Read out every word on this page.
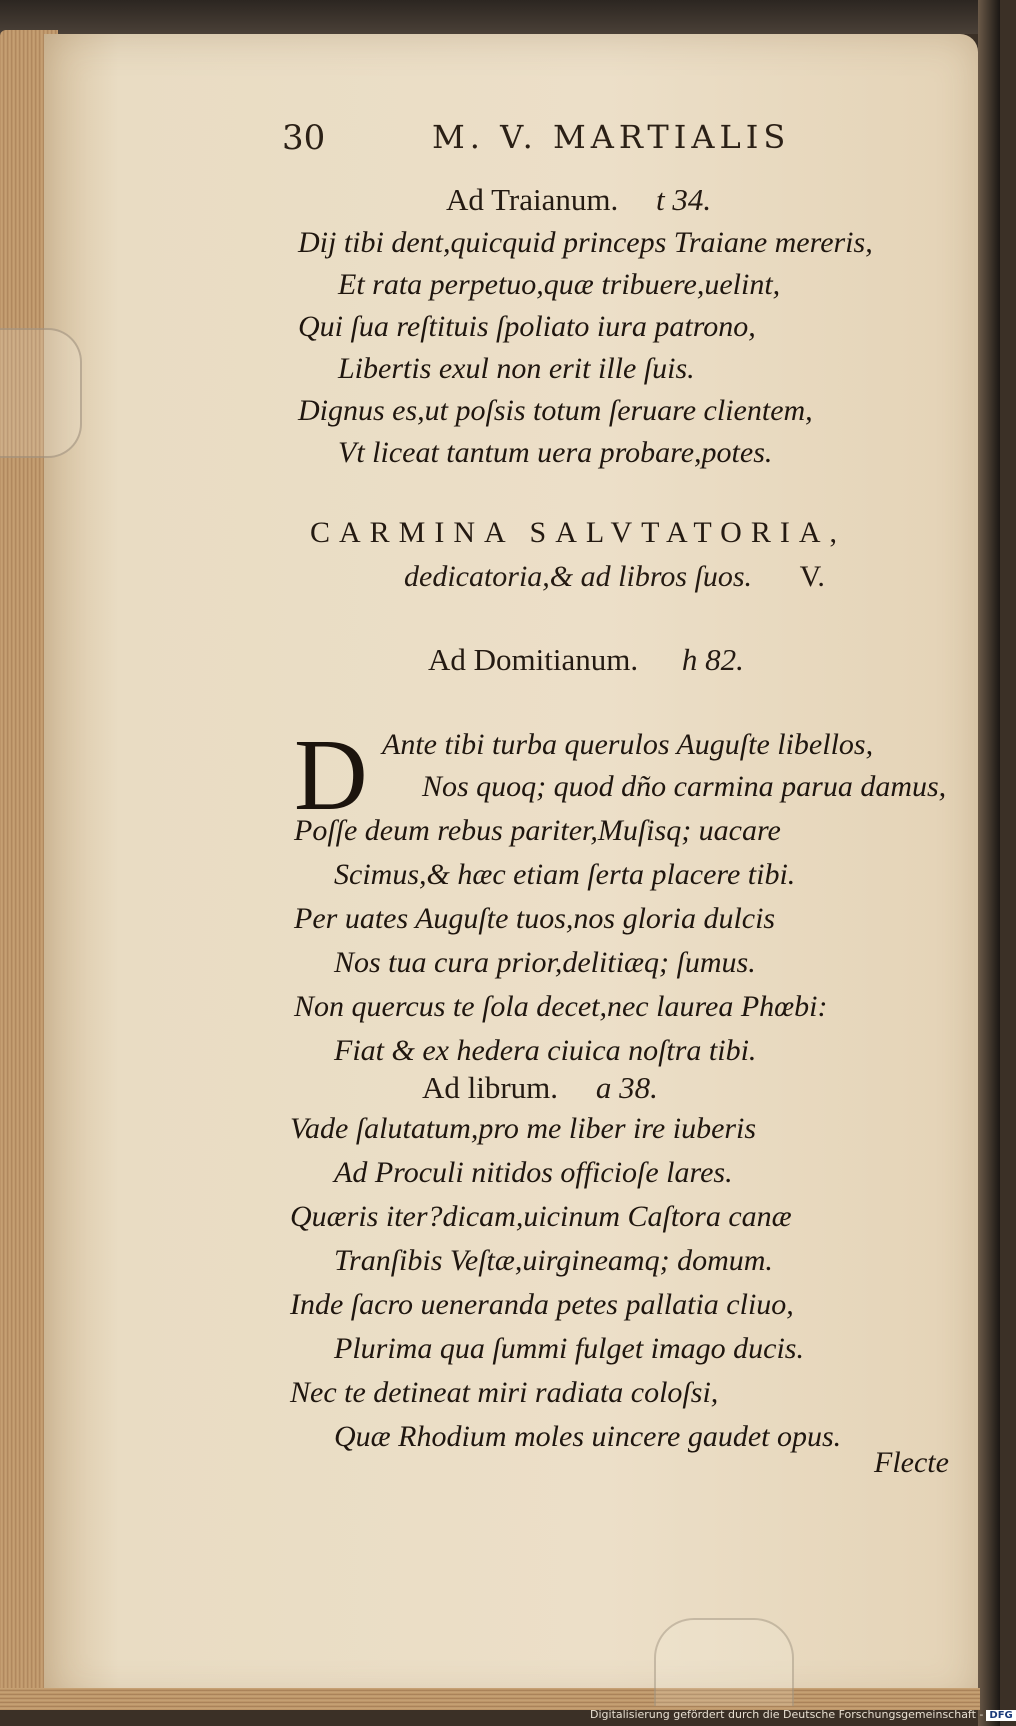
30	M. V. MARTIALIS
Ad Traianum. t 34.
Dij tibi dent,quicquid princeps Traiane mereris,
Et rata perpetuo,quæ tribuere,uelint,
Qui ſua reſtituis ſpoliato iura patrono,
Libertis exul non erit ille ſuis.
Dignus es,ut poſsis totum ſeruare clientem,
Vt liceat tantum uera probare,potes.
CARMINA SALVTATORIA,
dedicatoria,& ad libros ſuos. V.
Ad Domitianum. h 82.
D Ante tibi turba querulos Auguſte libellos,
Nos quoq; quod dño carmina parua damus,
Poſſe deum rebus pariter,Muſisq; uacare
Scimus,& hæc etiam ſerta placere tibi.
Per uates Auguſte tuos,nos gloria dulcis
Nos tua cura prior,delitiæq; ſumus.
Non quercus te ſola decet,nec laurea Phœbi:
Fiat & ex hedera ciuica noſtra tibi.
Ad librum. a 38.
Vade ſalutatum,pro me liber ire iuberis
Ad Proculi nitidos officioſe lares.
Quæris iter?dicam,uicinum Caſtora canæ
Tranſibis Veſtæ,uirgineamq; domum.
Inde ſacro ueneranda petes pallatia cliuo,
Plurima qua ſummi fulget imago ducis.
Nec te detineat miri radiata coloſsi,
Quæ Rhodium moles uincere gaudet opus.
Flecte
Digitalisierung gefördert durch die Deutsche Forschungsgemeinschaft - DFG
